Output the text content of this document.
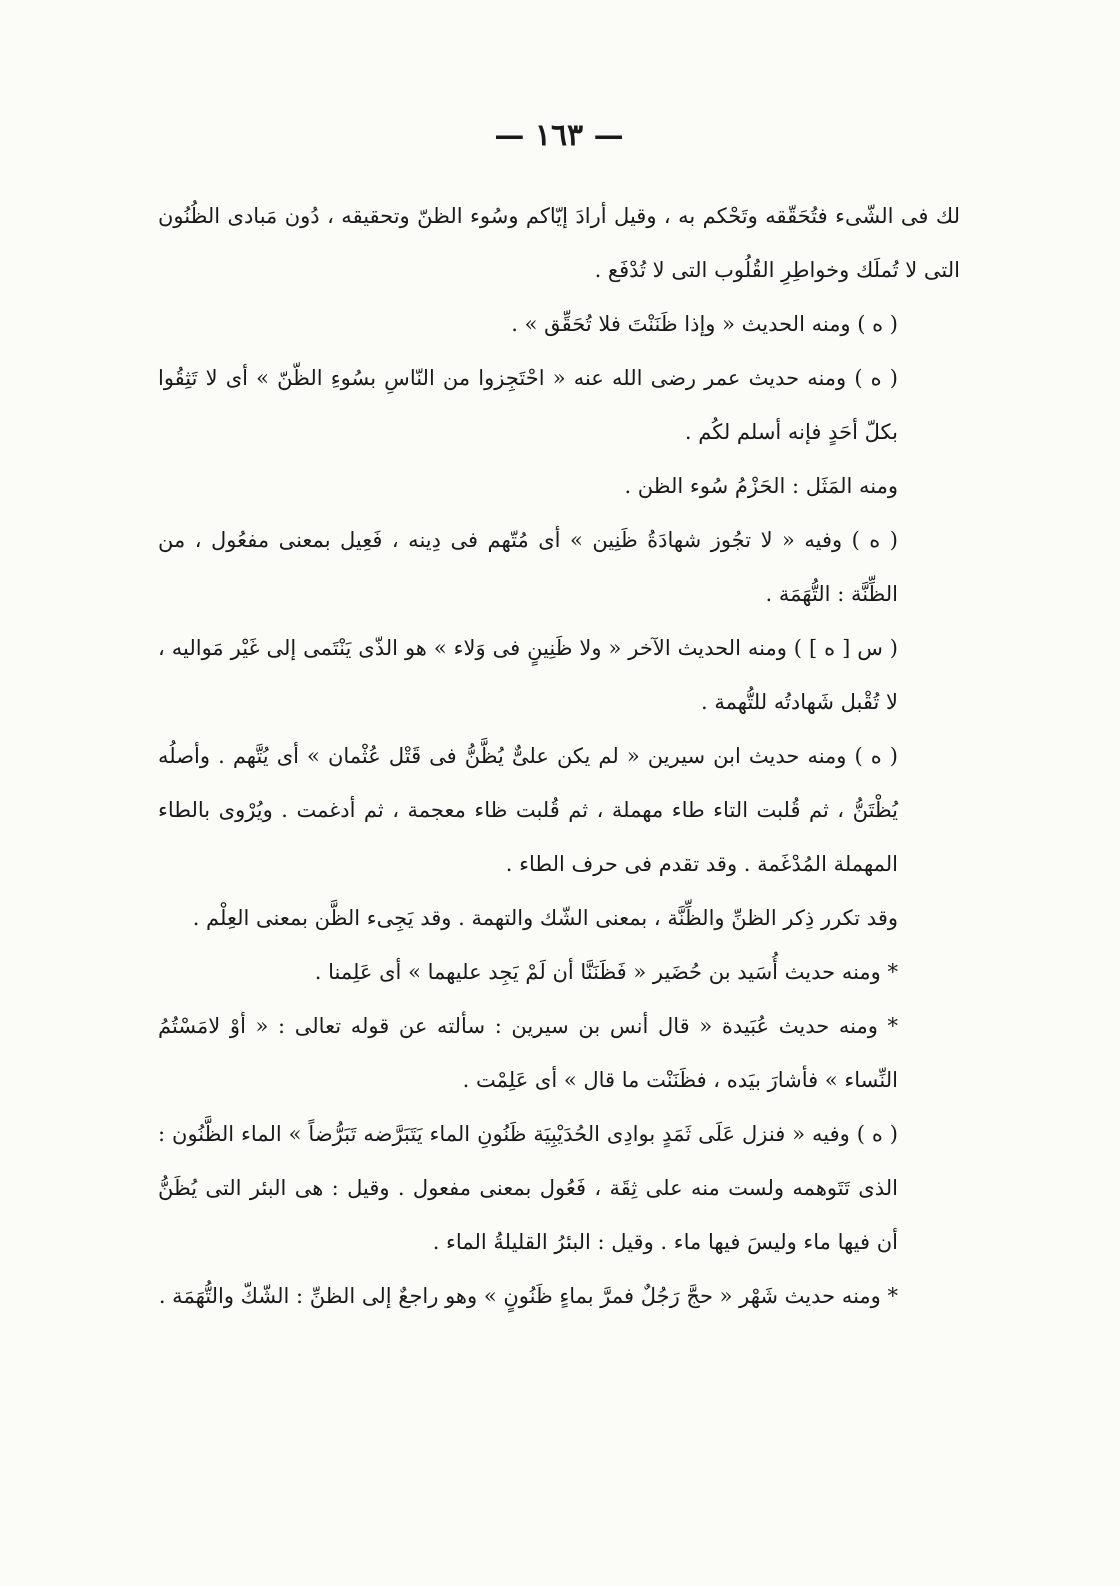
— ١٦٣ —

لك فى الشّىء فتُحَقّقه وتَحْكم به ، وقيل أرادَ إيّاكم وسُوء الظنّ وتحقيقه ، دُون مَبادى الظُنُون التى لا تُملَك وخواطِرِ القُلُوب التى لا تُدْفَع .

( ه ) ومنه الحديث « وإذا ظَنَنْتَ فلا تُحَقِّق » .

( ه ) ومنه حديث عمر رضى الله عنه « احْتَجِزوا من النّاسِ بسُوءِ الظّنّ » أى لا تَثِقُوا بكلّ أحَدٍ فإنه أسلم لكُم .

ومنه المَثَل : الحَزْمُ سُوء الظن .

( ه ) وفيه « لا تجُوز شهادَةُ ظَنِين » أى مُتّهم فى دِينه ، فَعِيل بمعنى مفعُول ، من الظِّنَّة : التُّهَمَة .

( س [ ه ] ) ومنه الحديث الآخر « ولا ظَنِينٍ فى وَلاء » هو الذّى يَنْتَمى إلى غَيْر مَواليه ، لا تُقْبل شَهادتُه للتُّهمة .

( ه ) ومنه حديث ابن سيرين « لم يكن علىٌّ يُظَّنُّ فى قَتْل عُثْمان » أى يُتَّهم . وأصلُه يُظْتَنُّ ، ثم قُلبت التاء طاء مهملة ، ثم قُلبت ظاء معجمة ، ثم أدغمت . ويُرْوى بالطاء المهملة المُدْغَمة . وقد تقدم فى حرف الطاء .

وقد تكرر ذِكر الظنِّ والظِّنَّة ، بمعنى الشّك والتهمة . وقد يَجِىء الظَّن بمعنى العِلْم .

* ومنه حديث أُسَيد بن حُضَير « فَظَنَنَّا أن لَمْ يَجِد عليهما » أى عَلِمنا .

* ومنه حديث عُبَيدة « قال أنس بن سيرين : سألته عن قوله تعالى : « أوْ لامَسْتُمُ النِّساء » فأشارَ بيَده ، فظَنَنْت ما قال » أى عَلِمْت .

( ه ) وفيه « فنزل عَلَى ثَمَدٍ بوادِى الحُدَيْبِيَة ظَنُونِ الماء يَتَبَرَّضه تَبَرُّضاً » الماء الظَّنُون : الذى تَتَوهمه ولست منه على ثِقَة ، فَعُول بمعنى مفعول . وقيل : هى البئر التى يُظَنُّ أن فيها ماء وليسَ فيها ماء . وقيل : البئرُ القليلةُ الماء .

* ومنه حديث شَهْر « حجَّ رَجُلٌ فمرَّ بماءٍ ظَنُونٍ » وهو راجعٌ إلى الظنِّ : الشّكّ والتُّهَمَة .
